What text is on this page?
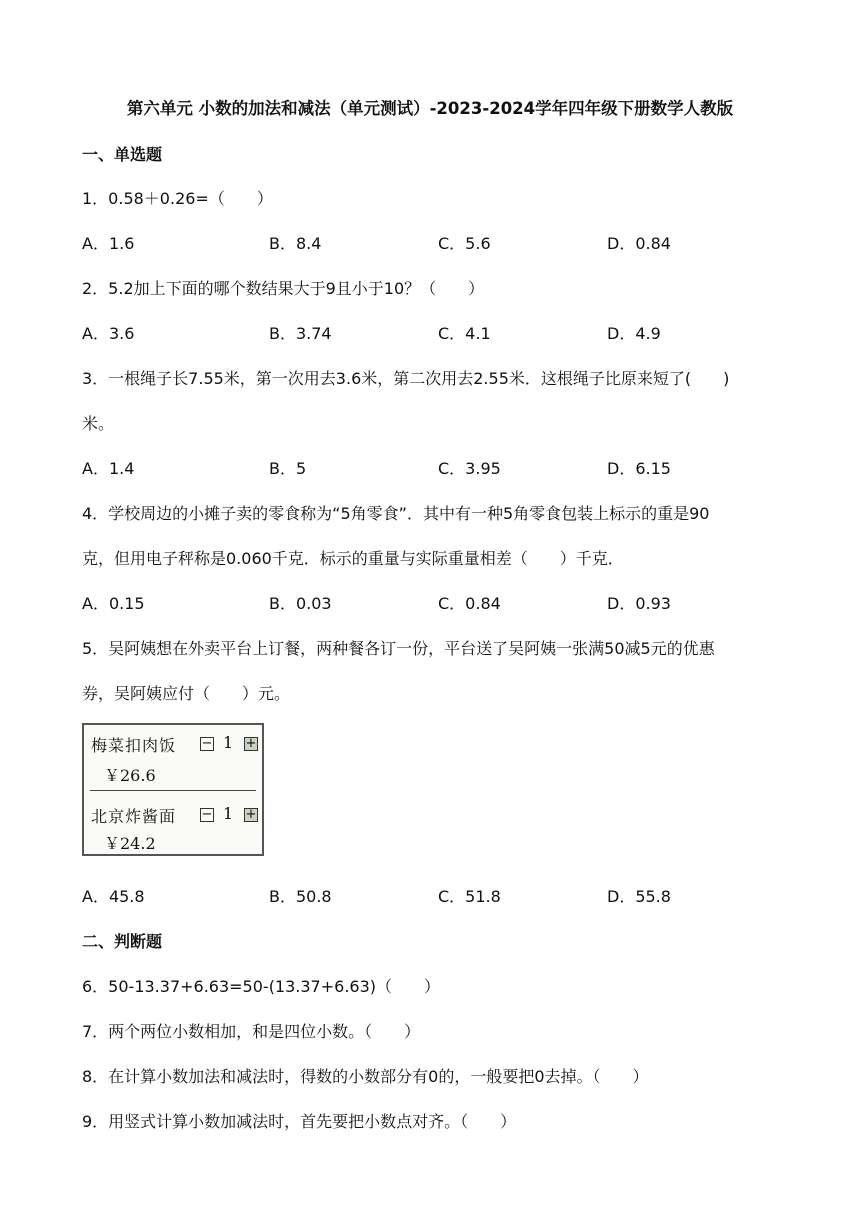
第六单元 小数的加法和减法（单元测试）-2023-2024学年四年级下册数学人教版
一、单选题
1．0.58＋0.26=（　　）
A．1.6	B．8.4	C．5.6	D．0.84
2．5.2加上下面的哪个数结果大于9且小于10？（　　）
A．3.6	B．3.74	C．4.1	D．4.9
3．一根绳子长7.55米，第一次用去3.6米，第二次用去2.55米．这根绳子比原来短了(　　)
米。
A．1.4	B．5	C．3.95	D．6.15
4．学校周边的小摊子卖的零食称为“5角零食”．其中有一种5角零食包装上标示的重是90
克，但用电子秤称是0.060千克．标示的重量与实际重量相差（　　）千克．
A．0.15	B．0.03	C．0.84	D．0.93
5．吴阿姨想在外卖平台上订餐，两种餐各订一份，平台送了吴阿姨一张满50减5元的优惠
券，吴阿姨应付（　　）元。
梅菜扣肉饭 − 1 +
￥26.6
北京炸酱面 − 1 +
￥24.2
A．45.8	B．50.8	C．51.8	D．55.8
二、判断题
6．50-13.37+6.63=50-(13.37+6.63)（　　）
7．两个两位小数相加，和是四位小数。（　　）
8．在计算小数加法和减法时，得数的小数部分有0的，一般要把0去掉。（　　）
9．用竖式计算小数加减法时，首先要把小数点对齐。（　　）
